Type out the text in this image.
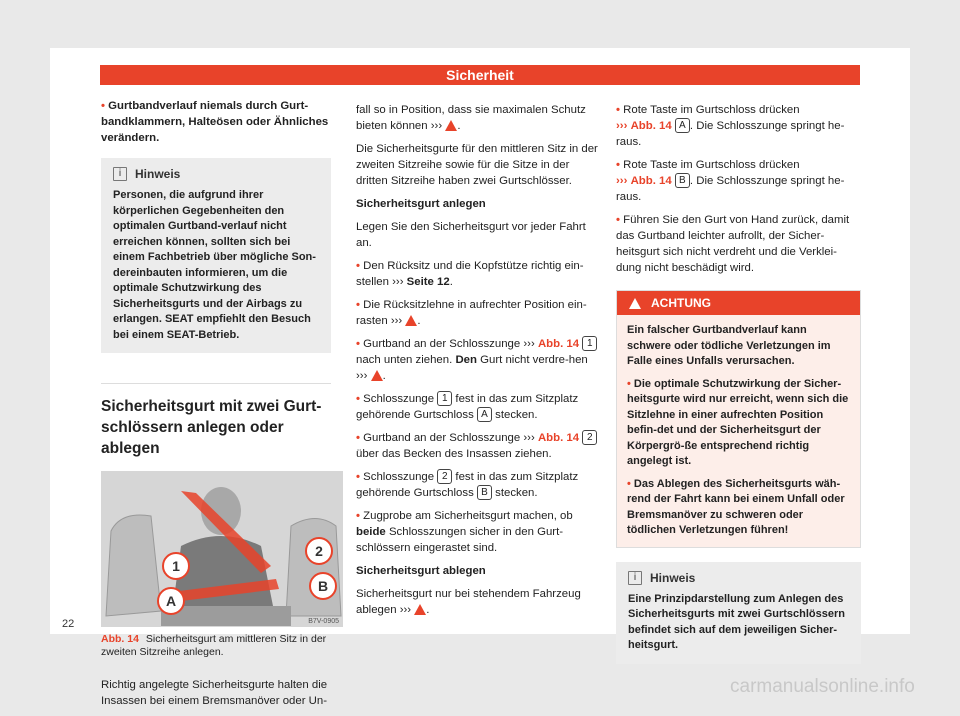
Sicherheit

• Gurtbandverlauf niemals durch Gurt-bandklammern, Halteösen oder Ähnliches verändern.

i	Hinweis
Personen, die aufgrund ihrer körperlichen Gegebenheiten den optimalen Gurtband-verlauf nicht erreichen können, sollten sich bei einem Fachbetrieb über mögliche Son-dereinbauten informieren, um die optimale Schutzwirkung des Sicherheitsgurts und der Airbags zu erlangen. SEAT empfiehlt den Besuch bei einem SEAT-Betrieb.
Sicherheitsgurt mit zwei Gurt-schlössern anlegen oder ablegen
1
2
A
B
B7V-0905
Abb. 14 Sicherheitsgurt am mittleren Sitz in der zweiten Sitzreihe anlegen.

Richtig angelegte Sicherheitsgurte halten die Insassen bei einem Bremsmanöver oder Un-

fall so in Position, dass sie maximalen Schutz bieten können ››› .

Die Sicherheitsgurte für den mittleren Sitz in der zweiten Sitzreihe sowie für die Sitze in der dritten Sitzreihe haben zwei Gurtschlösser.

Sicherheitsgurt anlegen

Legen Sie den Sicherheitsgurt vor jeder Fahrt an.

• Den Rücksitz und die Kopfstütze richtig ein-stellen ››› Seite 12.

• Die Rücksitzlehne in aufrechter Position ein-rasten ››› .

• Gurtband an der Schlosszunge ››› Abb. 14 1 nach unten ziehen. Den Gurt nicht verdre-hen ››› .

• Schlosszunge 1 fest in das zum Sitzplatz gehörende Gurtschloss A stecken.

• Gurtband an der Schlosszunge ››› Abb. 14 2 über das Becken des Insassen ziehen.

• Schlosszunge 2 fest in das zum Sitzplatz gehörende Gurtschloss B stecken.

• Zugprobe am Sicherheitsgurt machen, ob beide Schlosszungen sicher in den Gurt-schlössern eingerastet sind.

Sicherheitsgurt ablegen

Sicherheitsgurt nur bei stehendem Fahrzeug ablegen ››› .

• Rote Taste im Gurtschloss drücken
››› Abb. 14 A . Die Schlosszunge springt he-raus.

• Rote Taste im Gurtschloss drücken
››› Abb. 14 B . Die Schlosszunge springt he-raus.

• Führen Sie den Gurt von Hand zurück, damit das Gurtband leichter aufrollt, der Sicher-heitsgurt sich nicht verdreht und die Verklei-dung nicht beschädigt wird.

ACHTUNG

Ein falscher Gurtbandverlauf kann schwere oder tödliche Verletzungen im Falle eines Unfalls verursachen.

• Die optimale Schutzwirkung der Sicher-heitsgurte wird nur erreicht, wenn sich die Sitzlehne in einer aufrechten Position befin-det und der Sicherheitsgurt der Körpergrö-ße entsprechend richtig angelegt ist.

• Das Ablegen des Sicherheitsgurts wäh-rend der Fahrt kann bei einem Unfall oder Bremsmanöver zu schweren oder tödlichen Verletzungen führen!

i	Hinweis
Eine Prinzipdarstellung zum Anlegen des Sicherheitsgurts mit zwei Gurtschlössern befindet sich auf dem jeweiligen Sicher-heitsgurt.
22
carmanualsonline.info
